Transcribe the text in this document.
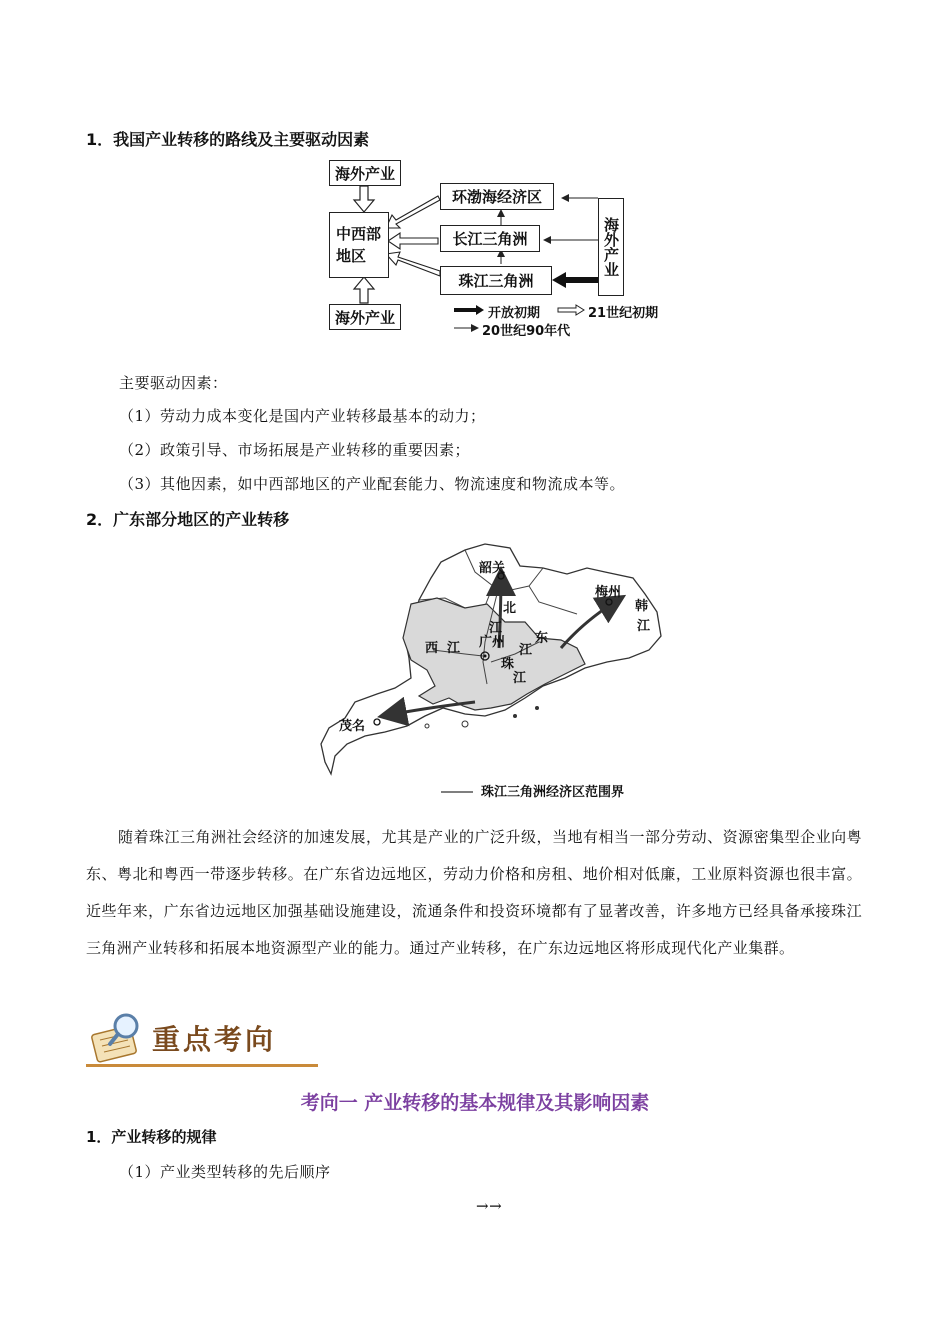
1．我国产业转移的路线及主要驱动因素
海外产业
中西部地区
海外产业
环渤海经济区
长江三角洲
珠江三角洲
海外产业
开放初期	21世纪初期
20世纪90年代
主要驱动因素：
（1）劳动力成本变化是国内产业转移最基本的动力；
（2）政策引导、市场拓展是产业转移的重要因素；
（3）其他因素，如中西部地区的产业配套能力、物流速度和物流成本等。
2．广东部分地区的产业转移
韶关
北
江
梅州
韩
江
西 江 广州 东
江
珠
江
茂名
珠江三角洲经济区范围界
随着珠江三角洲社会经济的加速发展，尤其是产业的广泛升级，当地有相当一部分劳动、资源密集型企业向粤东、粤北和粤西一带逐步转移。在广东省边远地区，劳动力价格和房租、地价相对低廉，工业原料资源也很丰富。近些年来，广东省边远地区加强基础设施建设，流通条件和投资环境都有了显著改善，许多地方已经具备承接珠江三角洲产业转移和拓展本地资源型产业的能力。通过产业转移，在广东边远地区将形成现代化产业集群。
重点考向
考向一 产业转移的基本规律及其影响因素
1．产业转移的规律
（1）产业类型转移的先后顺序
→→
